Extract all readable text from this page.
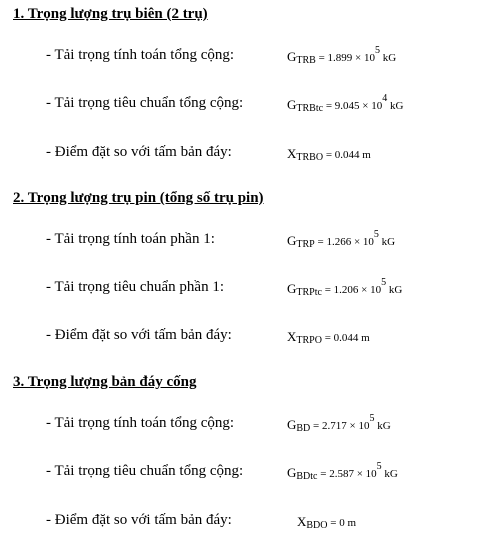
1. Trọng lượng trụ biên (2 trụ)
- Tải trọng tính toán tổng cộng:	GTRB = 1.899 × 105 kG
- Tải trọng tiêu chuẩn tổng cộng:	GTRBtc = 9.045 × 104 kG
- Điểm đặt so với tấm bản đáy:	XTRBO = 0.044 m
2. Trọng lượng trụ pin (tổng số trụ pin)
- Tải trọng tính toán phần 1:	GTRP = 1.266 × 105 kG
- Tải trọng tiêu chuẩn phần 1:	GTRPtc = 1.206 × 105 kG
- Điểm đặt so với tấm bản đáy:	XTRPO = 0.044 m
3. Trọng lượng bản đáy cống
- Tải trọng tính toán tổng cộng:	GBD = 2.717 × 105 kG
- Tải trọng tiêu chuẩn tổng cộng:	GBDtc = 2.587 × 105 kG
- Điểm đặt so với tấm bản đáy:	XBDO = 0 m
